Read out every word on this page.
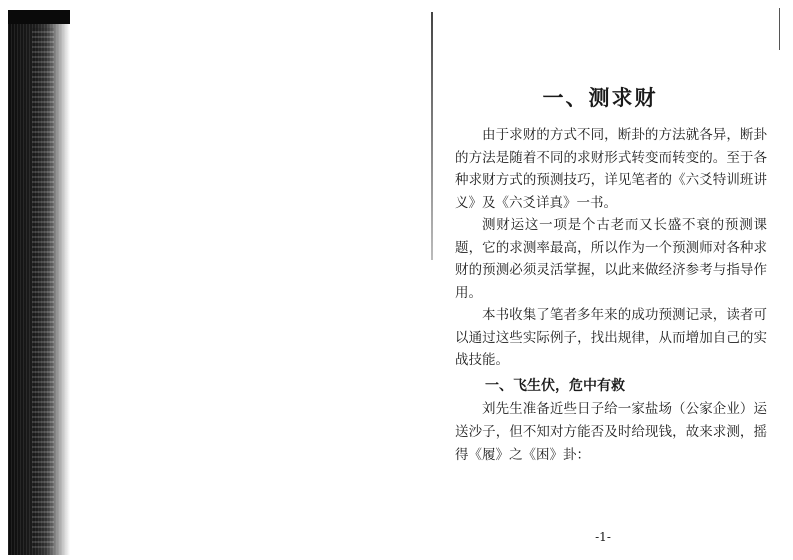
一、测求财

由于求财的方式不同，断卦的方法就各异，断卦的方法是随着不同的求财形式转变而转变的。至于各种求财方式的预测技巧，详见笔者的《六爻特训班讲义》及《六爻详真》一书。

测财运这一项是个古老而又长盛不衰的预测课题，它的求测率最高，所以作为一个预测师对各种求财的预测必须灵活掌握，以此来做经济参考与指导作用。

本书收集了笔者多年来的成功预测记录，读者可以通过这些实际例子，找出规律，从而增加自己的实战技能。

一、飞生伏，危中有救

刘先生准备近些日子给一家盐场（公家企业）运送沙子，但不知对方能否及时给现钱，故来求测，摇得《履》之《困》卦：

-1-
